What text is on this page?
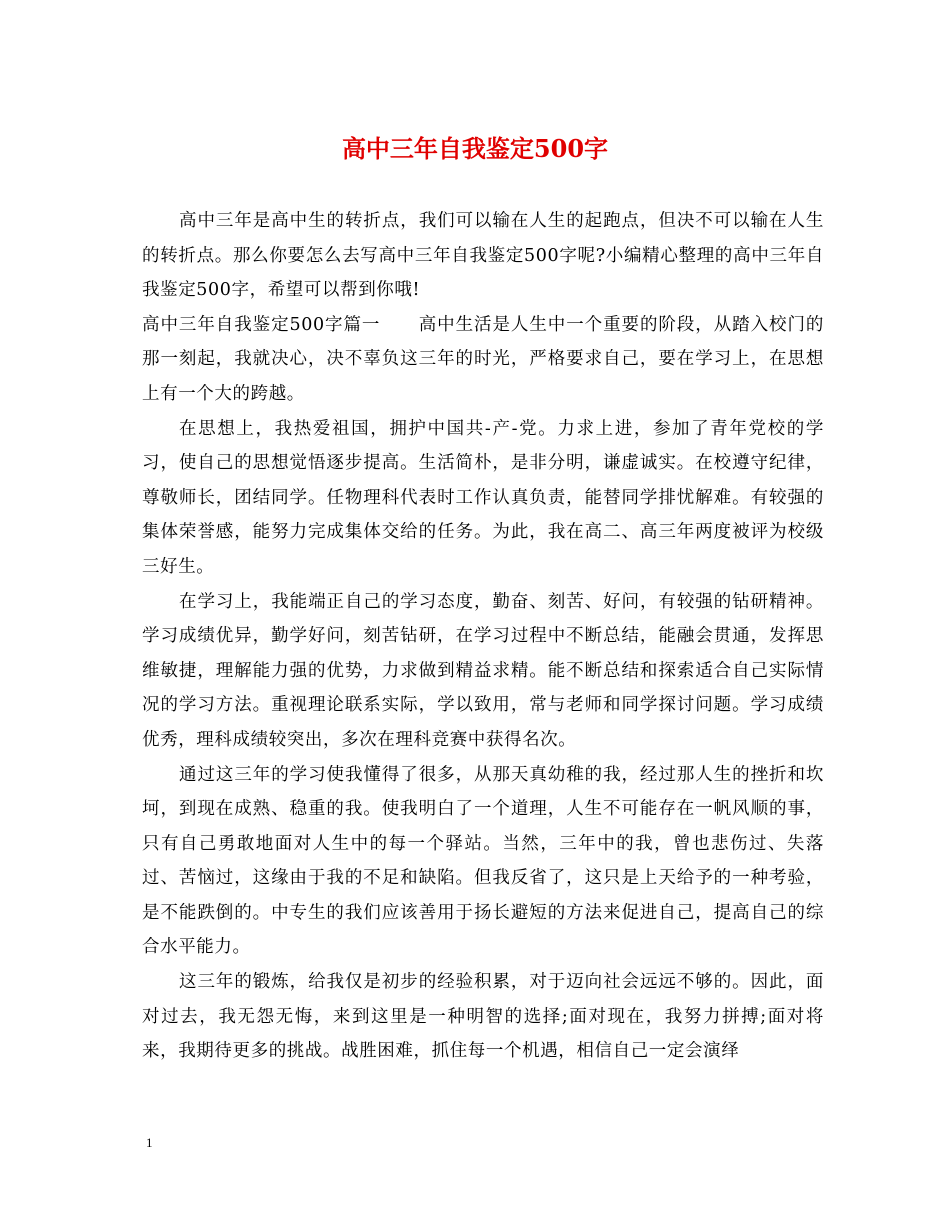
高中三年自我鉴定500字

高中三年是高中生的转折点，我们可以输在人生的起跑点，但决不可以输在人生的转折点。那么你要怎么去写高中三年自我鉴定500字呢?小编精心整理的高中三年自我鉴定500字，希望可以帮到你哦!

高中三年自我鉴定500字篇一 高中生活是人生中一个重要的阶段，从踏入校门的那一刻起，我就决心，决不辜负这三年的时光，严格要求自己，要在学习上，在思想上有一个大的跨越。

在思想上，我热爱祖国，拥护中国共-产-党。力求上进，参加了青年党校的学习，使自己的思想觉悟逐步提高。生活简朴，是非分明，谦虚诚实。在校遵守纪律，尊敬师长，团结同学。任物理科代表时工作认真负责，能替同学排忧解难。有较强的集体荣誉感，能努力完成集体交给的任务。为此，我在高二、高三年两度被评为校级三好生。

在学习上，我能端正自己的学习态度，勤奋、刻苦、好问，有较强的钻研精神。学习成绩优异，勤学好问，刻苦钻研，在学习过程中不断总结，能融会贯通，发挥思维敏捷，理解能力强的优势，力求做到精益求精。能不断总结和探索适合自己实际情况的学习方法。重视理论联系实际，学以致用，常与老师和同学探讨问题。学习成绩优秀，理科成绩较突出，多次在理科竞赛中获得名次。

通过这三年的学习使我懂得了很多，从那天真幼稚的我，经过那人生的挫折和坎坷，到现在成熟、稳重的我。使我明白了一个道理，人生不可能存在一帆风顺的事，只有自己勇敢地面对人生中的每一个驿站。当然，三年中的我，曾也悲伤过、失落过、苦恼过，这缘由于我的不足和缺陷。但我反省了，这只是上天给予的一种考验，是不能跌倒的。中专生的我们应该善用于扬长避短的方法来促进自己，提高自己的综合水平能力。

这三年的锻炼，给我仅是初步的经验积累，对于迈向社会远远不够的。因此，面对过去，我无怨无悔，来到这里是一种明智的选择;面对现在，我努力拼搏;面对将来，我期待更多的挑战。战胜困难，抓住每一个机遇，相信自己一定会演绎

1
